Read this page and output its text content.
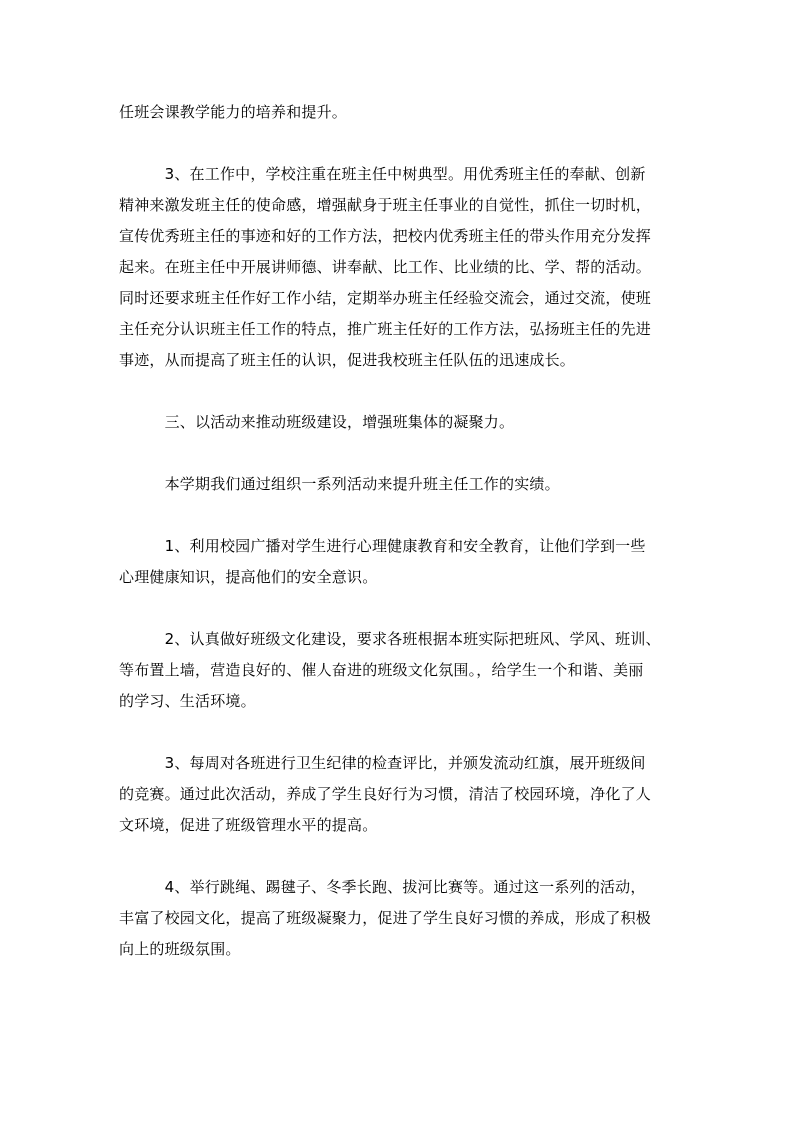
任班会课教学能力的培养和提升。
　　　3、在工作中，学校注重在班主任中树典型。用优秀班主任的奉献、创新
精神来激发班主任的使命感，增强献身于班主任事业的自觉性，抓住一切时机，
宣传优秀班主任的事迹和好的工作方法，把校内优秀班主任的带头作用充分发挥
起来。在班主任中开展讲师德、讲奉献、比工作、比业绩的比、学、帮的活动。
同时还要求班主任作好工作小结，定期举办班主任经验交流会，通过交流，使班
主任充分认识班主任工作的特点，推广班主任好的工作方法，弘扬班主任的先进
事迹，从而提高了班主任的认识，促进我校班主任队伍的迅速成长。
　　　三、以活动来推动班级建设，增强班集体的凝聚力。
　　　本学期我们通过组织一系列活动来提升班主任工作的实绩。
　　　1、利用校园广播对学生进行心理健康教育和安全教育，让他们学到一些
心理健康知识，提高他们的安全意识。
　　　2、认真做好班级文化建设，要求各班根据本班实际把班风、学风、班训、
等布置上墙，营造良好的、催人奋进的班级文化氛围。，给学生一个和谐、美丽
的学习、生活环境。
　　　3、每周对各班进行卫生纪律的检查评比，并颁发流动红旗，展开班级间
的竞赛。通过此次活动，养成了学生良好行为习惯，清洁了校园环境，净化了人
文环境，促进了班级管理水平的提高。
　　　4、举行跳绳、踢毽子、冬季长跑、拔河比赛等。通过这一系列的活动，
丰富了校园文化，提高了班级凝聚力，促进了学生良好习惯的养成，形成了积极
向上的班级氛围。
